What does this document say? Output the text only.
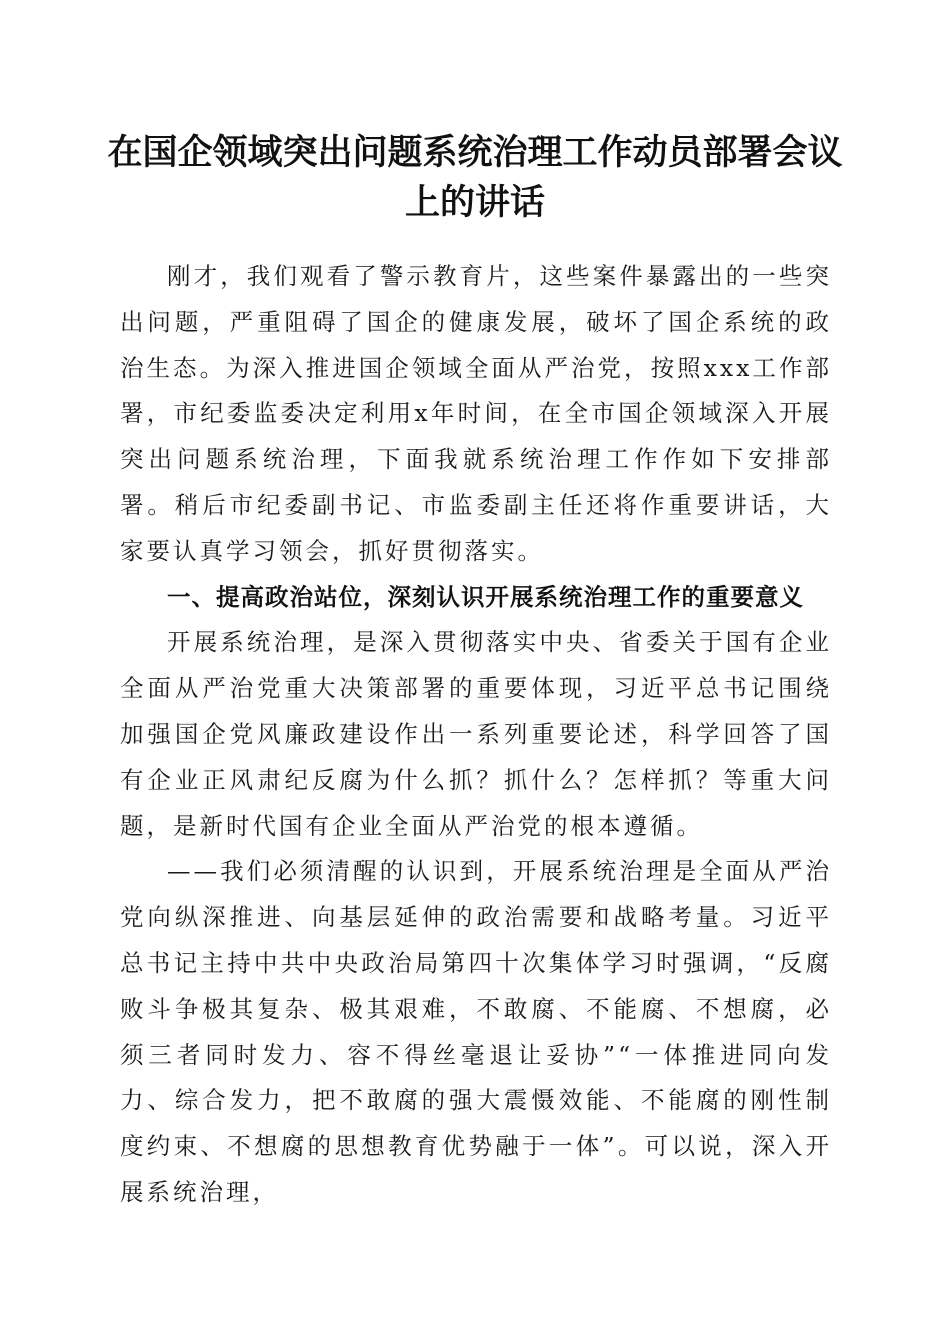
在国企领域突出问题系统治理工作动员部署会议上的讲话

刚才，我们观看了警示教育片，这些案件暴露出的一些突出问题，严重阻碍了国企的健康发展，破坏了国企系统的政治生态。为深入推进国企领域全面从严治党，按照xxx工作部署，市纪委监委决定利用x年时间，在全市国企领域深入开展突出问题系统治理，下面我就系统治理工作作如下安排部署。稍后市纪委副书记、市监委副主任还将作重要讲话，大家要认真学习领会，抓好贯彻落实。

一、提高政治站位，深刻认识开展系统治理工作的重要意义

开展系统治理，是深入贯彻落实中央、省委关于国有企业全面从严治党重大决策部署的重要体现，习近平总书记围绕加强国企党风廉政建设作出一系列重要论述，科学回答了国有企业正风肃纪反腐为什么抓？抓什么？怎样抓？等重大问题，是新时代国有企业全面从严治党的根本遵循。

——我们必须清醒的认识到，开展系统治理是全面从严治党向纵深推进、向基层延伸的政治需要和战略考量。习近平总书记主持中共中央政治局第四十次集体学习时强调，“反腐败斗争极其复杂、极其艰难，不敢腐、不能腐、不想腐，必须三者同时发力、容不得丝毫退让妥协”“一体推进同向发力、综合发力，把不敢腐的强大震慑效能、不能腐的刚性制度约束、不想腐的思想教育优势融于一体”。可以说，深入开展系统治理，
